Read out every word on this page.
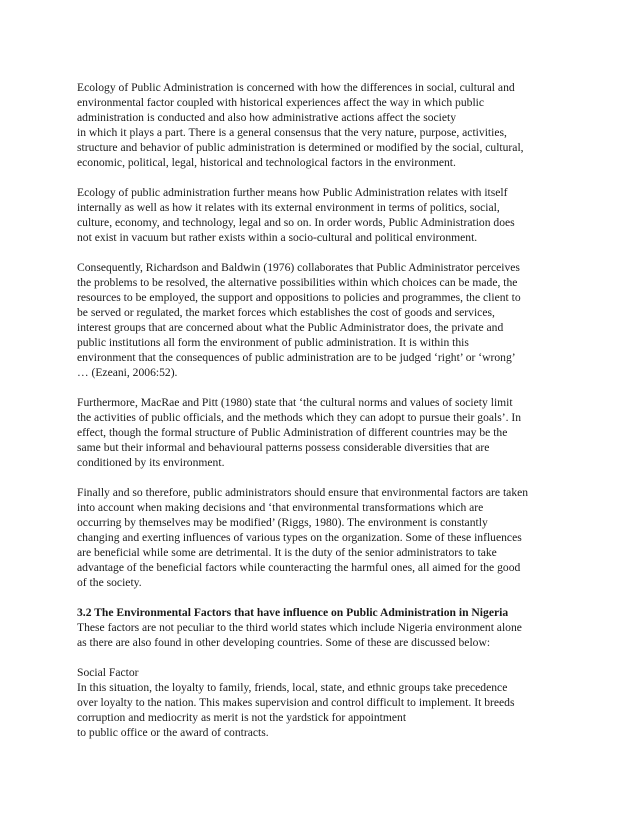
Ecology of Public Administration is concerned with how the differences in social, cultural and
environmental factor coupled with historical experiences affect the way in which public
administration is conducted and also how administrative actions affect the society
in which it plays a part. There is a general consensus that the very nature, purpose, activities,
structure and behavior of public administration is determined or modified by the social, cultural,
economic, political, legal, historical and technological factors in the environment.

Ecology of public administration further means how Public Administration relates with itself
internally as well as how it relates with its external environment in terms of politics, social,
culture, economy, and technology, legal and so on. In order words, Public Administration does
not exist in vacuum but rather exists within a socio-cultural and political environment.

Consequently, Richardson and Baldwin (1976) collaborates that Public Administrator perceives
the problems to be resolved, the alternative possibilities within which choices can be made, the
resources to be employed, the support and oppositions to policies and programmes, the client to
be served or regulated, the market forces which establishes the cost of goods and services,
interest groups that are concerned about what the Public Administrator does, the private and
public institutions all form the environment of public administration. It is within this
environment that the consequences of public administration are to be judged ‘right’ or ‘wrong’
… (Ezeani, 2006:52).

Furthermore, MacRae and Pitt (1980) state that ‘the cultural norms and values of society limit
the activities of public officials, and the methods which they can adopt to pursue their goals’. In
effect, though the formal structure of Public Administration of different countries may be the
same but their informal and behavioural patterns possess considerable diversities that are
conditioned by its environment.

Finally and so therefore, public administrators should ensure that environmental factors are taken
into account when making decisions and ‘that environmental transformations which are
occurring by themselves may be modified’ (Riggs, 1980). The environment is constantly
changing and exerting influences of various types on the organization. Some of these influences
are beneficial while some are detrimental. It is the duty of the senior administrators to take
advantage of the beneficial factors while counteracting the harmful ones, all aimed for the good
of the society.

3.2 The Environmental Factors that have influence on Public Administration in Nigeria
These factors are not peculiar to the third world states which include Nigeria environment alone
as there are also found in other developing countries. Some of these are discussed below:
Social Factor
In this situation, the loyalty to family, friends, local, state, and ethnic groups take precedence
over loyalty to the nation. This makes supervision and control difficult to implement. It breeds
corruption and mediocrity as merit is not the yardstick for appointment
to public office or the award of contracts.
